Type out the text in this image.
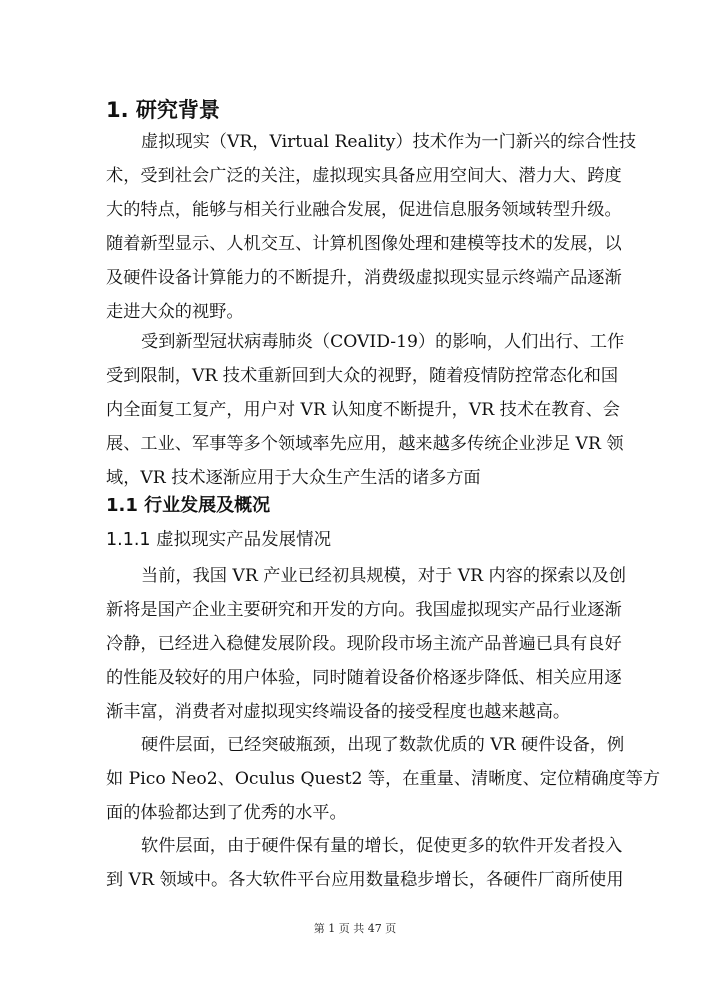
1. 研究背景

虚拟现实（VR，Virtual Reality）技术作为一门新兴的综合性技

术，受到社会广泛的关注，虚拟现实具备应用空间大、潜力大、跨度

大的特点，能够与相关行业融合发展，促进信息服务领域转型升级。

随着新型显示、人机交互、计算机图像处理和建模等技术的发展，以

及硬件设备计算能力的不断提升，消费级虚拟现实显示终端产品逐渐

走进大众的视野。

受到新型冠状病毒肺炎（COVID-19）的影响，人们出行、工作

受到限制，VR 技术重新回到大众的视野，随着疫情防控常态化和国

内全面复工复产，用户对 VR 认知度不断提升，VR 技术在教育、会

展、工业、军事等多个领域率先应用，越来越多传统企业涉足 VR 领

域，VR 技术逐渐应用于大众生产生活的诸多方面

1.1 行业发展及概况
1.1.1 虚拟现实产品发展情况

当前，我国 VR 产业已经初具规模，对于 VR 内容的探索以及创

新将是国产企业主要研究和开发的方向。我国虚拟现实产品行业逐渐

冷静，已经进入稳健发展阶段。现阶段市场主流产品普遍已具有良好

的性能及较好的用户体验，同时随着设备价格逐步降低、相关应用逐

渐丰富，消费者对虚拟现实终端设备的接受程度也越来越高。

硬件层面，已经突破瓶颈，出现了数款优质的 VR 硬件设备，例

如 Pico Neo2、Oculus Quest2 等，在重量、清晰度、定位精确度等方

面的体验都达到了优秀的水平。

软件层面，由于硬件保有量的增长，促使更多的软件开发者投入

到 VR 领域中。各大软件平台应用数量稳步增长，各硬件厂商所使用

第 1 页 共 47 页
